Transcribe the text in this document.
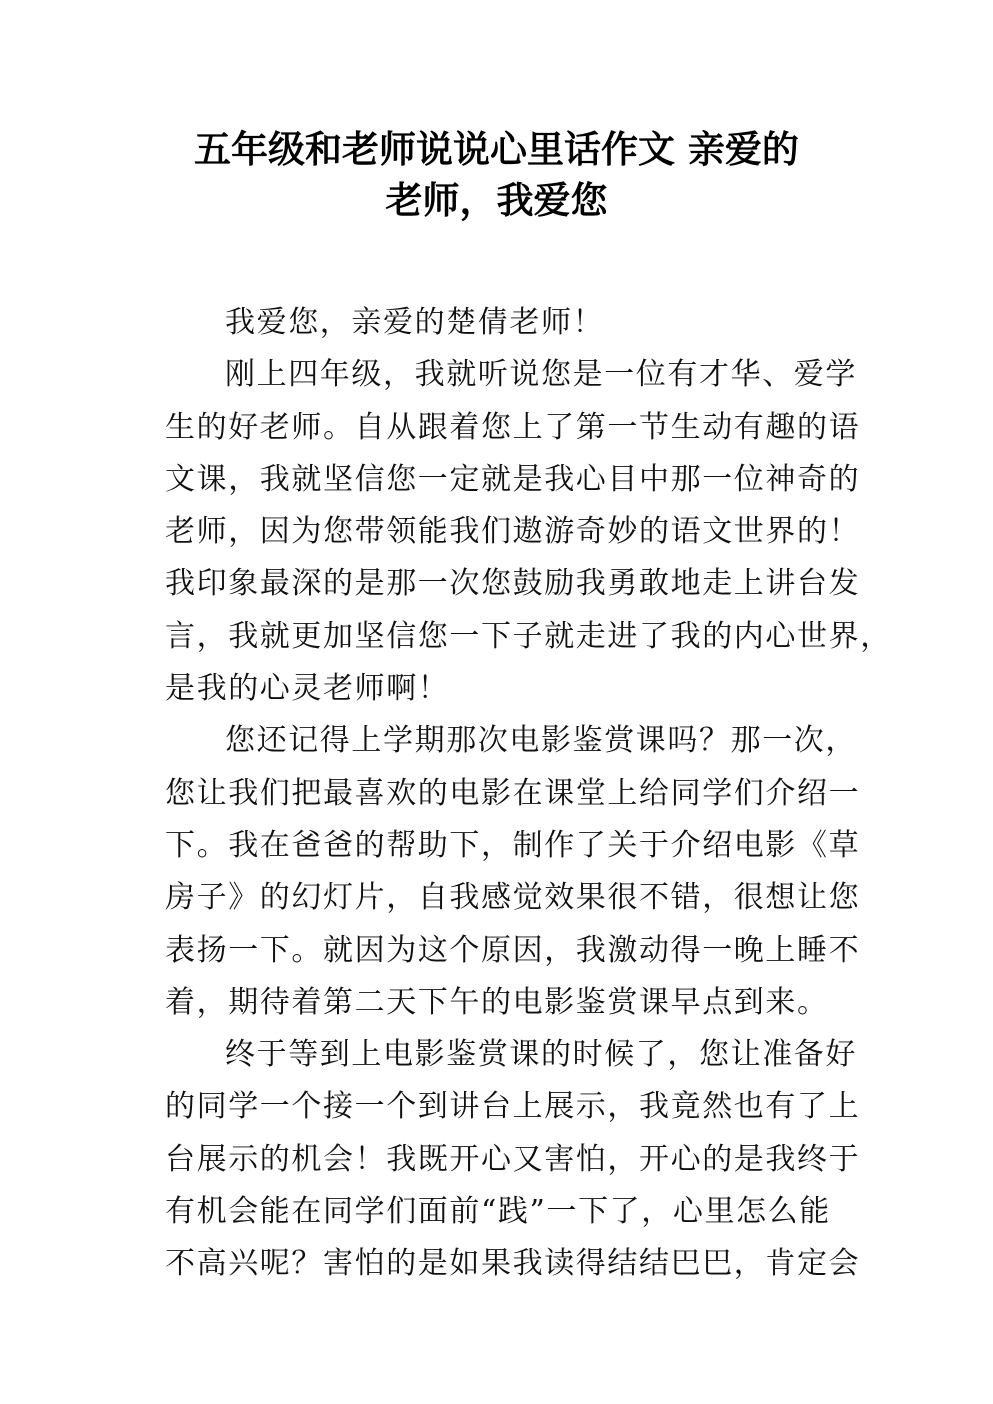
五年级和老师说说心里话作文 亲爱的
老师，我爱您
我爱您，亲爱的楚倩老师！
刚上四年级，我就听说您是一位有才华、爱学
生的好老师。自从跟着您上了第一节生动有趣的语
文课，我就坚信您一定就是我心目中那一位神奇的
老师，因为您带领能我们遨游奇妙的语文世界的！
我印象最深的是那一次您鼓励我勇敢地走上讲台发
言，我就更加坚信您一下子就走进了我的内心世界，
是我的心灵老师啊！
您还记得上学期那次电影鉴赏课吗？那一次，
您让我们把最喜欢的电影在课堂上给同学们介绍一
下。我在爸爸的帮助下，制作了关于介绍电影《草
房子》的幻灯片，自我感觉效果很不错，很想让您
表扬一下。就因为这个原因，我激动得一晚上睡不
着，期待着第二天下午的电影鉴赏课早点到来。
终于等到上电影鉴赏课的时候了，您让准备好
的同学一个接一个到讲台上展示，我竟然也有了上
台展示的机会！我既开心又害怕，开心的是我终于
有机会能在同学们面前“践”一下了，心里怎么能
不高兴呢？害怕的是如果我读得结结巴巴，肯定会
